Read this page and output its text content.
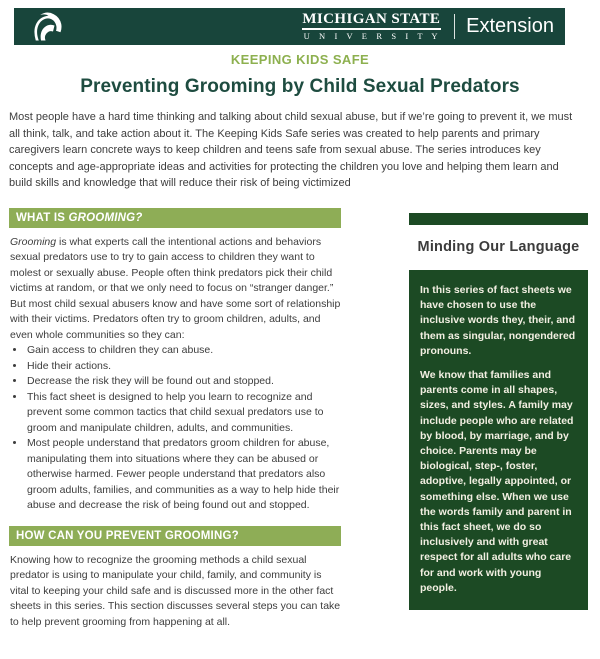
MICHIGAN STATE
U N I V E R S I T Y Extension
KEEPING KIDS SAFE
Preventing Grooming by Child Sexual Predators

Most people have a hard time thinking and talking about child sexual abuse, but if we’re going to prevent it, we must all think, talk, and take action about it. The Keeping Kids Safe series was created to help parents and primary caregivers learn concrete ways to keep children and teens safe from sexual abuse. The series introduces key concepts and age-appropriate ideas and activities for protecting the children you love and helping them learn and build skills and knowledge that will reduce their risk of being victimized

WHAT IS GROOMING?

Grooming is what experts call the intentional actions and behaviors sexual predators use to try to gain access to children they want to molest or sexually abuse. People often think predators pick their child victims at random, or that we only need to focus on “stranger danger.” But most child sexual abusers know and have some sort of relationship with their victims. Predators often try to groom children, adults, and even whole communities so they can:

• Gain access to children they can abuse.
• Hide their actions.
• Decrease the risk they will be found out and stopped.
• This fact sheet is designed to help you learn to recognize and prevent some common tactics that child sexual predators use to groom and manipulate children, adults, and communities.
• Most people understand that predators groom children for abuse, manipulating them into situations where they can be abused or otherwise harmed. Fewer people understand that predators also groom adults, families, and communities as a way to help hide their abuse and decrease the risk of being found out and stopped.
HOW CAN YOU PREVENT GROOMING?

Knowing how to recognize the grooming methods a child sexual predator is using to manipulate your child, family, and community is vital to keeping your child safe and is discussed more in the other fact sheets in this series. This section discusses several steps you can take to help prevent grooming from happening at all.

Minding Our Language

In this series of fact sheets we have chosen to use the inclusive words they, their, and them as singular, nongendered pronouns.

We know that families and parents come in all shapes, sizes, and styles. A family may include people who are related by blood, by marriage, and by choice. Parents may be biological, step-, foster, adoptive, legally appointed, or something else. When we use the words family and parent in this fact sheet, we do so inclusively and with great respect for all adults who care for and work with young people.
